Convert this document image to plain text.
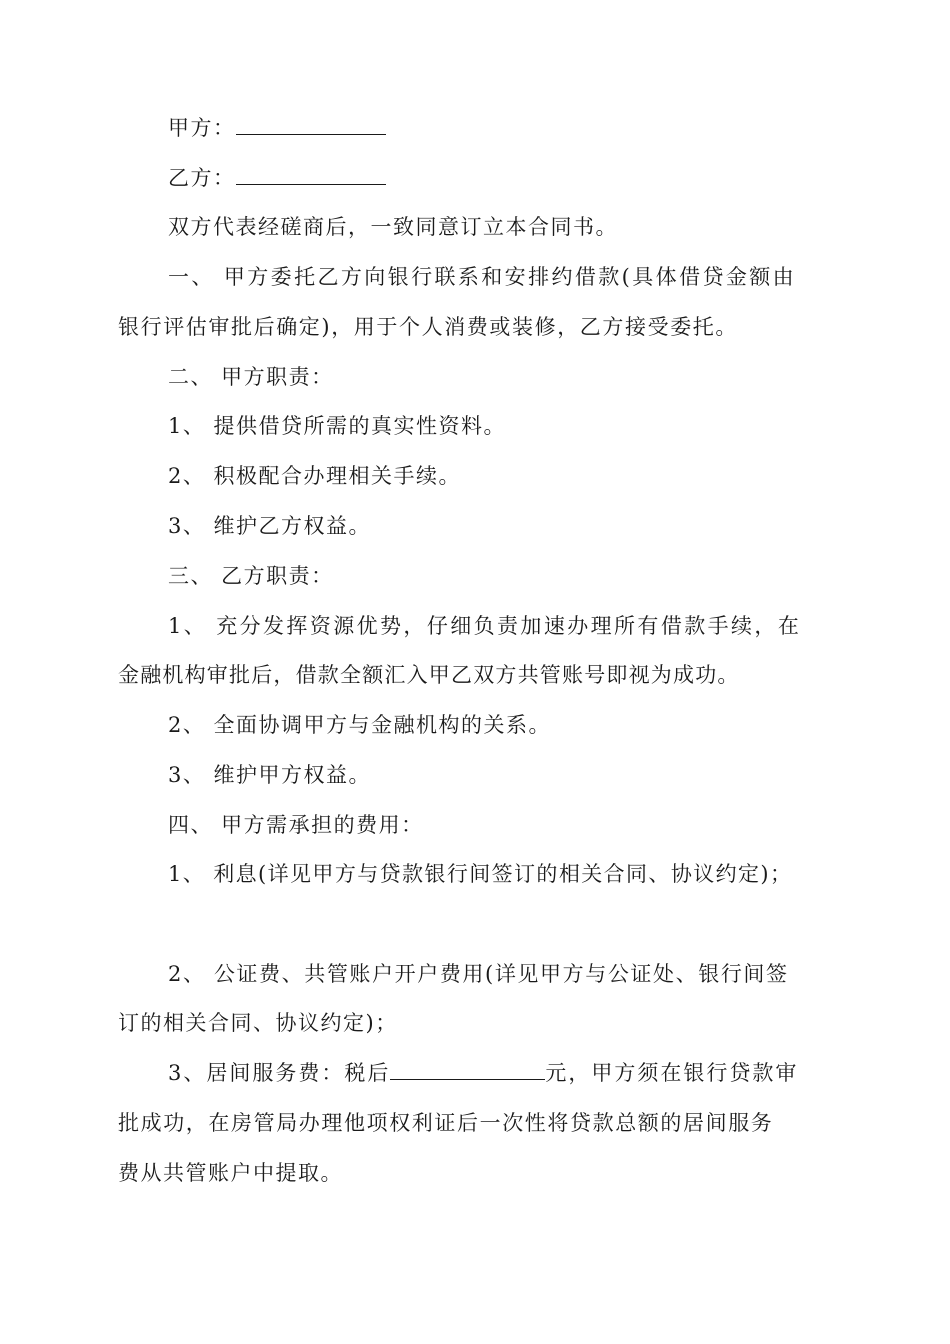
甲方：
乙方：
双方代表经磋商后，一致同意订立本合同书。
一、 甲方委托乙方向银行联系和安排约借款(具体借贷金额由
银行评估审批后确定)，用于个人消费或装修，乙方接受委托。
二、 甲方职责：
1、 提供借贷所需的真实性资料。
2、 积极配合办理相关手续。
3、 维护乙方权益。
三、 乙方职责：
1、 充分发挥资源优势，仔细负责加速办理所有借款手续，在
金融机构审批后，借款全额汇入甲乙双方共管账号即视为成功。
2、 全面协调甲方与金融机构的关系。
3、 维护甲方权益。
四、 甲方需承担的费用：
1、 利息(详见甲方与贷款银行间签订的相关合同、协议约定)；
2、 公证费、共管账户开户费用(详见甲方与公证处、银行间签
订的相关合同、协议约定)；
3、居间服务费：税后	元，甲方须在银行贷款审
批成功，在房管局办理他项权利证后一次性将贷款总额的居间服务
费从共管账户中提取。
